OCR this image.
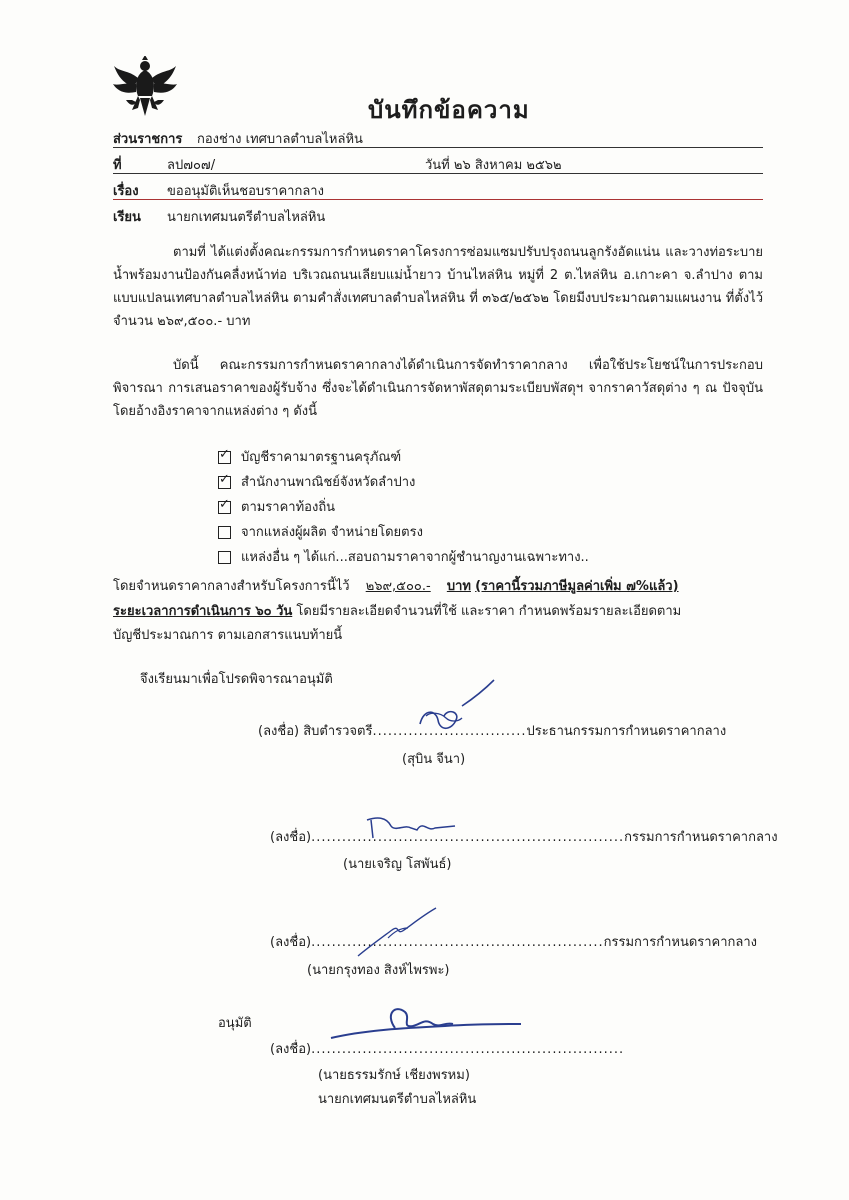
บันทึกข้อความ
ส่วนราชการ กองช่าง เทศบาลตำบลไหล่หิน
ที่	ลป๗๐๗/	วันที่ ๒๖ สิงหาคม ๒๕๖๒
เรื่อง ขออนุมัติเห็นชอบราคากลาง
เรียน นายกเทศมนตรีตำบลไหล่หิน
ตามที่ ได้แต่งตั้งคณะกรรมการกำหนดราคาโครงการซ่อมแซมปรับปรุงถนนลูกรังอัดแน่น และวางท่อระบายน้ำพร้อมงานป้องกันคลื่งหน้าท่อ บริเวณถนนเลียบแม่น้ำยาว บ้านไหล่หิน หมู่ที่ 2 ต.ไหล่หิน อ.เกาะคา จ.ลำปาง ตามแบบแปลนเทศบาลตำบลไหล่หิน ตามคำสั่งเทศบาลตำบลไหล่หิน ที่ ๓๖๕/๒๕๖๒ โดยมีงบประมาณตามแผนงาน ที่ตั้งไว้จำนวน ๒๖๙,๕๐๐.- บาท
บัดนี้ คณะกรรมการกำหนดราคากลางได้ดำเนินการจัดทำราคากลาง เพื่อใช้ประโยชน์ในการประกอบพิจารณา การเสนอราคาของผู้รับจ้าง ซึ่งจะได้ดำเนินการจัดหาพัสดุตามระเบียบพัสดุฯ จากราคาวัสดุต่าง ๆ ณ ปัจจุบัน โดยอ้างอิงราคาจากแหล่งต่าง ๆ ดังนี้
✓ บัญชีราคามาตรฐานครุภัณฑ์
✓ สำนักงานพาณิชย์จังหวัดลำปาง
✓ ตามราคาท้องถิ่น
จากแหล่งผู้ผลิต จำหน่ายโดยตรง
แหล่งอื่น ๆ ได้แก่...สอบถามราคาจากผู้ชำนาญงานเฉพาะทาง..
โดยจำหนดราคากลางสำหรับโครงการนี้ไว้ ๒๖๙,๕๐๐.- บาท (ราคานี้รวมภาษีมูลค่าเพิ่ม ๗%แล้ว)
ระยะเวลาการดำเนินการ ๖๐ วัน โดยมีรายละเอียดจำนวนที่ใช้ และราคา กำหนดพร้อมรายละเอียดตาม
บัญชีประมาณการ ตามเอกสารแนบท้ายนี้
จึงเรียนมาเพื่อโปรดพิจารณาอนุมัติ
(ลงชื่อ) สิบตำรวจตรี..............................ประธานกรรมการกำหนดราคากลาง
(สุบิน จีนา)
(ลงชื่อ).............................................................กรรมการกำหนดราคากลาง
(นายเจริญ โสพันธ์)
(ลงชื่อ).........................................................กรรมการกำหนดราคากลาง
(นายกรุงทอง สิงห์ไพรพะ)
อนุมัติ
(ลงชื่อ).............................................................
(นายธรรมรักษ์ เชียงพรหม)
นายกเทศมนตรีตำบลไหล่หิน
